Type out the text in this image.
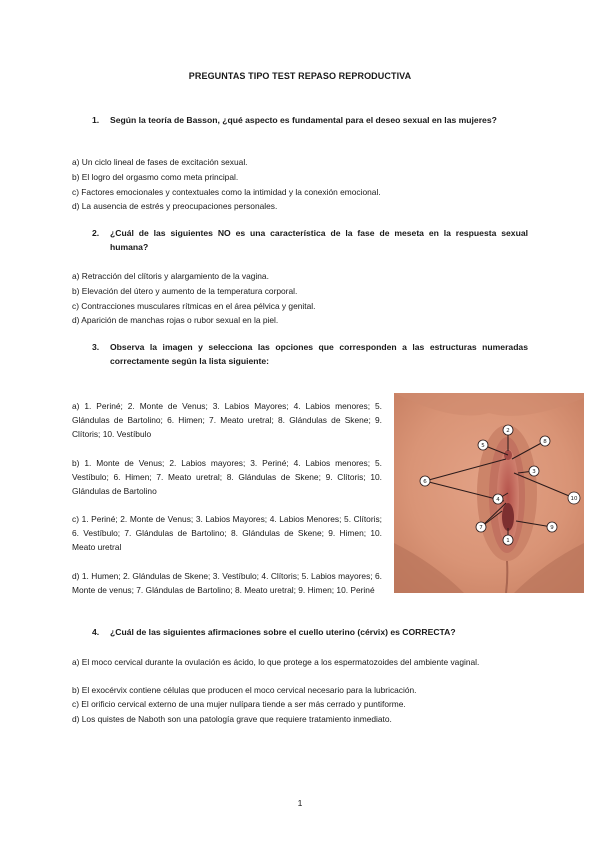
PREGUNTAS TIPO TEST REPASO REPRODUCTIVA
1. Según la teoría de Basson, ¿qué aspecto es fundamental para el deseo sexual en las mujeres?
a) Un ciclo lineal de fases de excitación sexual.
b) El logro del orgasmo como meta principal.
c) Factores emocionales y contextuales como la intimidad y la conexión emocional.
d) La ausencia de estrés y preocupaciones personales.
2. ¿Cuál de las siguientes NO es una característica de la fase de meseta en la respuesta sexual humana?
a) Retracción del clítoris y alargamiento de la vagina.
b) Elevación del útero y aumento de la temperatura corporal.
c) Contracciones musculares rítmicas en el área pélvica y genital.
d) Aparición de manchas rojas o rubor sexual en la piel.
3. Observa la imagen y selecciona las opciones que corresponden a las estructuras numeradas correctamente según la lista siguiente:
a) 1. Periné; 2. Monte de Venus; 3. Labios Mayores; 4. Labios menores; 5. Glándulas de Bartolino; 6. Himen; 7. Meato uretral; 8. Glándulas de Skene; 9. Clítoris; 10. Vestíbulo
b) 1. Monte de Venus; 2. Labios mayores; 3. Periné; 4. Labios menores; 5. Vestíbulo; 6. Himen; 7. Meato uretral; 8. Glándulas de Skene; 9. Clítoris; 10. Glándulas de Bartolino
c) 1. Periné; 2. Monte de Venus; 3. Labios Mayores; 4. Labios Menores; 5. Clítoris; 6. Vestíbulo; 7. Glándulas de Bartolino; 8. Glándulas de Skene; 9. Himen; 10. Meato uretral
d) 1. Humen; 2. Glándulas de Skene; 3. Vestíbulo; 4. Clítoris; 5. Labios mayores; 6. Monte de venus; 7. Glándulas de Bartolino; 8. Meato uretral; 9. Himen; 10. Periné
1
2
3
4
5
6
7
8
9
10
4. ¿Cuál de las siguientes afirmaciones sobre el cuello uterino (cérvix) es CORRECTA?
a) El moco cervical durante la ovulación es ácido, lo que protege a los espermatozoides del ambiente vaginal.
b) El exocérvix contiene células que producen el moco cervical necesario para la lubricación.
c) El orificio cervical externo de una mujer nulípara tiende a ser más cerrado y puntiforme.
d) Los quistes de Naboth son una patología grave que requiere tratamiento inmediato.
1
